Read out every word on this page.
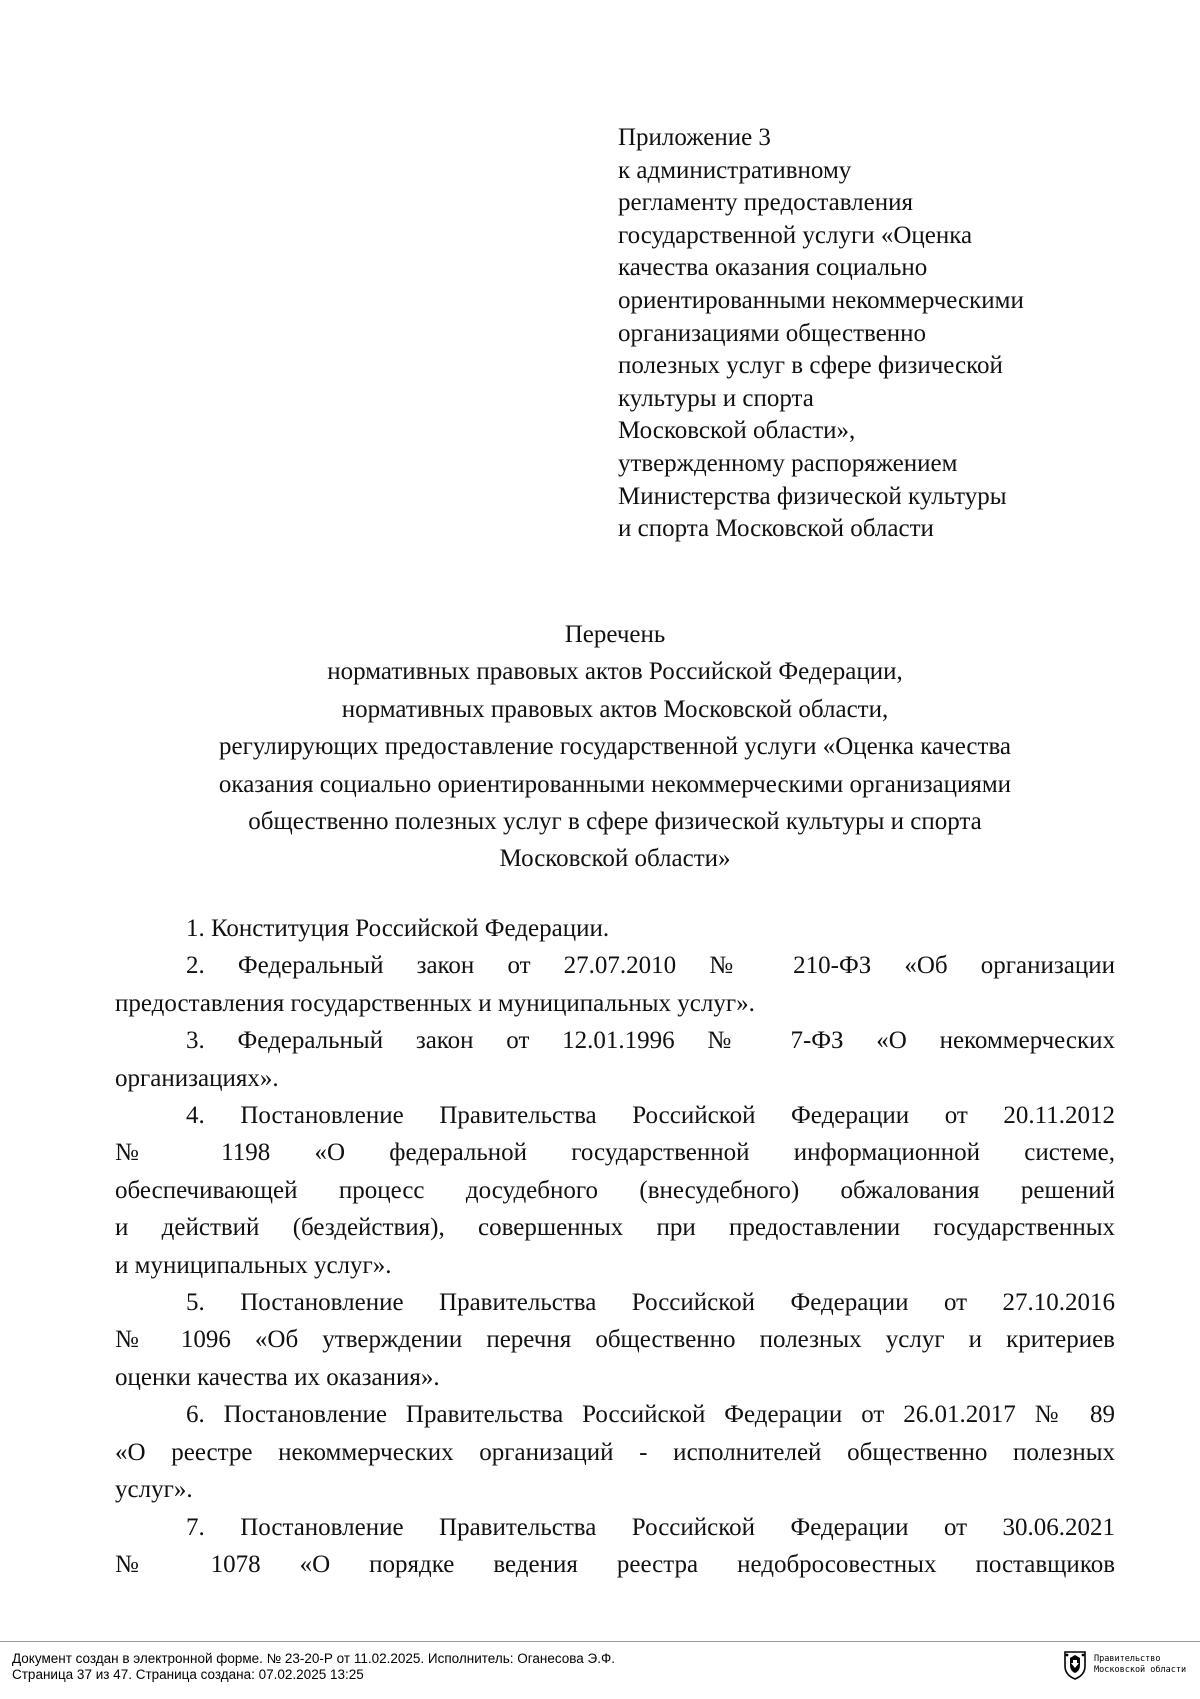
Приложение 3
к административному
регламенту предоставления
государственной услуги «Оценка
качества оказания социально
ориентированными некоммерческими
организациями общественно
полезных услуг в сфере физической
культуры и спорта
Московской области»,
утвержденному распоряжением
Министерства физической культуры
и спорта Московской области
Перечень
нормативных правовых актов Российской Федерации,
нормативных правовых актов Московской области,
регулирующих предоставление государственной услуги «Оценка качества
оказания социально ориентированными некоммерческими организациями
общественно полезных услуг в сфере физической культуры и спорта
Московской области»
1. Конституция Российской Федерации.
2. Федеральный закон от 27.07.2010 № 210-ФЗ «Об организации
предоставления государственных и муниципальных услуг».
3. Федеральный закон от 12.01.1996 № 7-ФЗ «О некоммерческих
организациях».
4. Постановление Правительства Российской Федерации от 20.11.2012
№ 1198 «О федеральной государственной информационной системе,
обеспечивающей процесс досудебного (внесудебного) обжалования решений
и действий (бездействия), совершенных при предоставлении государственных
и муниципальных услуг».
5. Постановление Правительства Российской Федерации от 27.10.2016
№ 1096 «Об утверждении перечня общественно полезных услуг и критериев
оценки качества их оказания».
6. Постановление Правительства Российской Федерации от 26.01.2017 № 89
«О реестре некоммерческих организаций - исполнителей общественно полезных
услуг».
7. Постановление Правительства Российской Федерации от 30.06.2021
№ 1078 «О порядке ведения реестра недобросовестных поставщиков
Документ создан в электронной форме. № 23-20-Р от 11.02.2025. Исполнитель: Оганесова Э.Ф.
Страница 37 из 47. Страница создана: 07.02.2025 13:25
Правительство
Московской области
